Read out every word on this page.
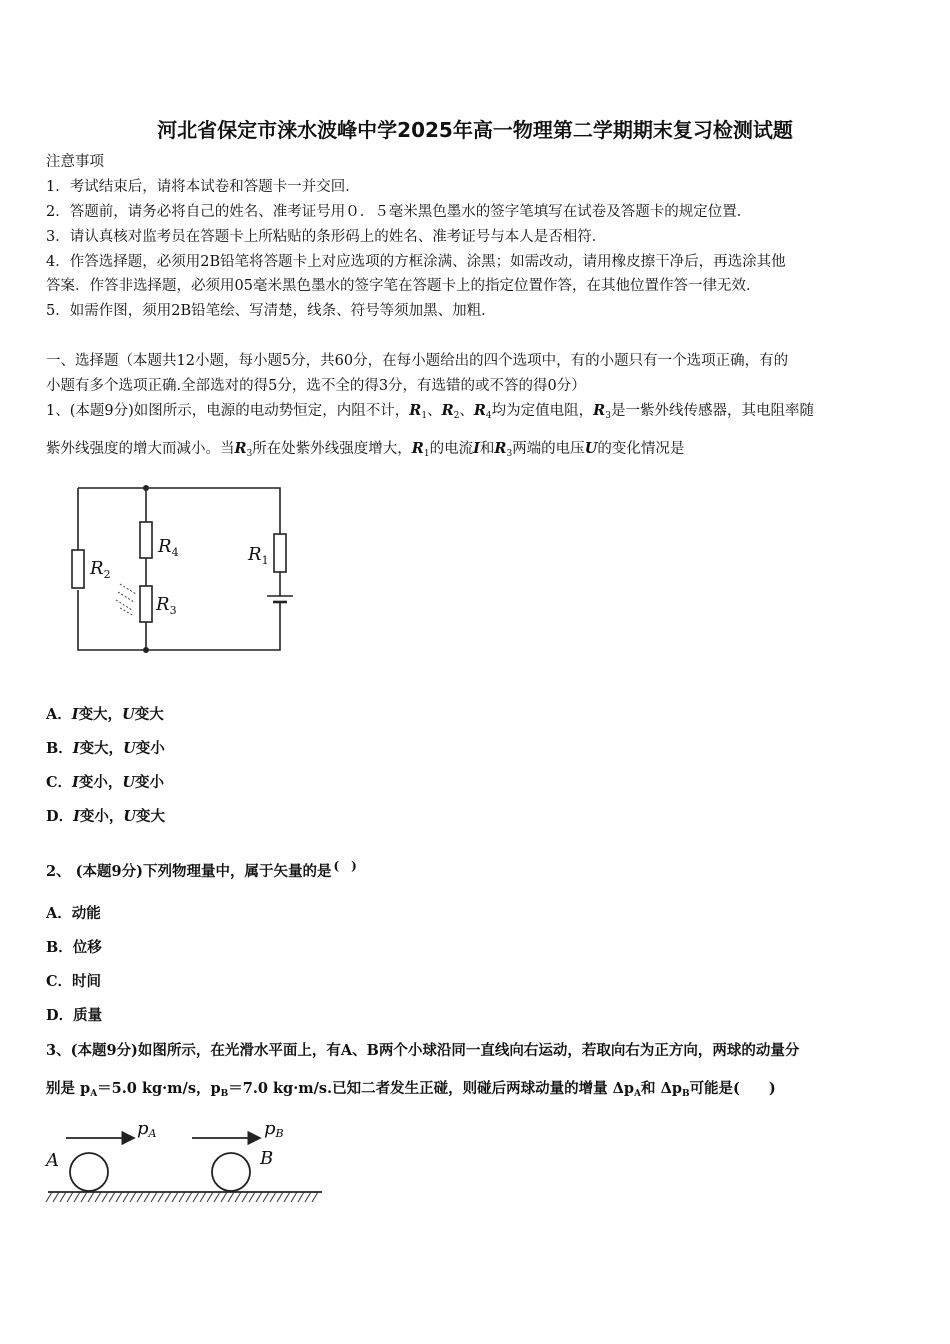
河北省保定市涞水波峰中学2025年高一物理第二学期期末复习检测试题
注意事项
1．考试结束后，请将本试卷和答题卡一并交回．
2．答题前，请务必将自己的姓名、准考证号用０．５毫米黑色墨水的签字笔填写在试卷及答题卡的规定位置．
3．请认真核对监考员在答题卡上所粘贴的条形码上的姓名、准考证号与本人是否相符．
4．作答选择题，必须用2B铅笔将答题卡上对应选项的方框涂满、涂黑；如需改动，请用橡皮擦干净后，再选涂其他
答案．作答非选择题，必须用05毫米黑色墨水的签字笔在答题卡上的指定位置作答，在其他位置作答一律无效．
5．如需作图，须用2B铅笔绘、写清楚，线条、符号等须加黑、加粗．
一、选择题（本题共12小题，每小题5分，共60分，在每小题给出的四个选项中，有的小题只有一个选项正确，有的
小题有多个选项正确.全部选对的得5分，选不全的得3分，有选错的或不答的得0分）
1、(本题9分)如图所示，电源的电动势恒定，内阻不计，$R_1$、$R_2$、$R_4$均为定值电阻，$R_3$是一紫外线传感器，其电阻率随
紫外线强度的增大而减小。当$R_3$所在处紫外线强度增大，$R_1$的电流I和$R_3$两端的电压U的变化情况是
$R_4$	$R_1$
$R_2$
$R_3$
A．I变大，U变大
B．I变大，U变小
C．I变小，U变小
D．I变小，U变大
2、 (本题9分)下列物理量中，属于矢量的是 (　)
A．动能
B．位移
C．时间
D．质量
3、(本题9分)如图所示，在光滑水平面上，有A、B两个小球沿同一直线向右运动，若取向右为正方向，两球的动量分
别是 $p_A=5.0$ kg·m/s，$p_B=7.0$ kg·m/s.已知二者发生正碰，则碰后两球动量的增量 $\Delta p_A$和 $\Delta p_B$可能是(　　)
pA	pB
A	B
